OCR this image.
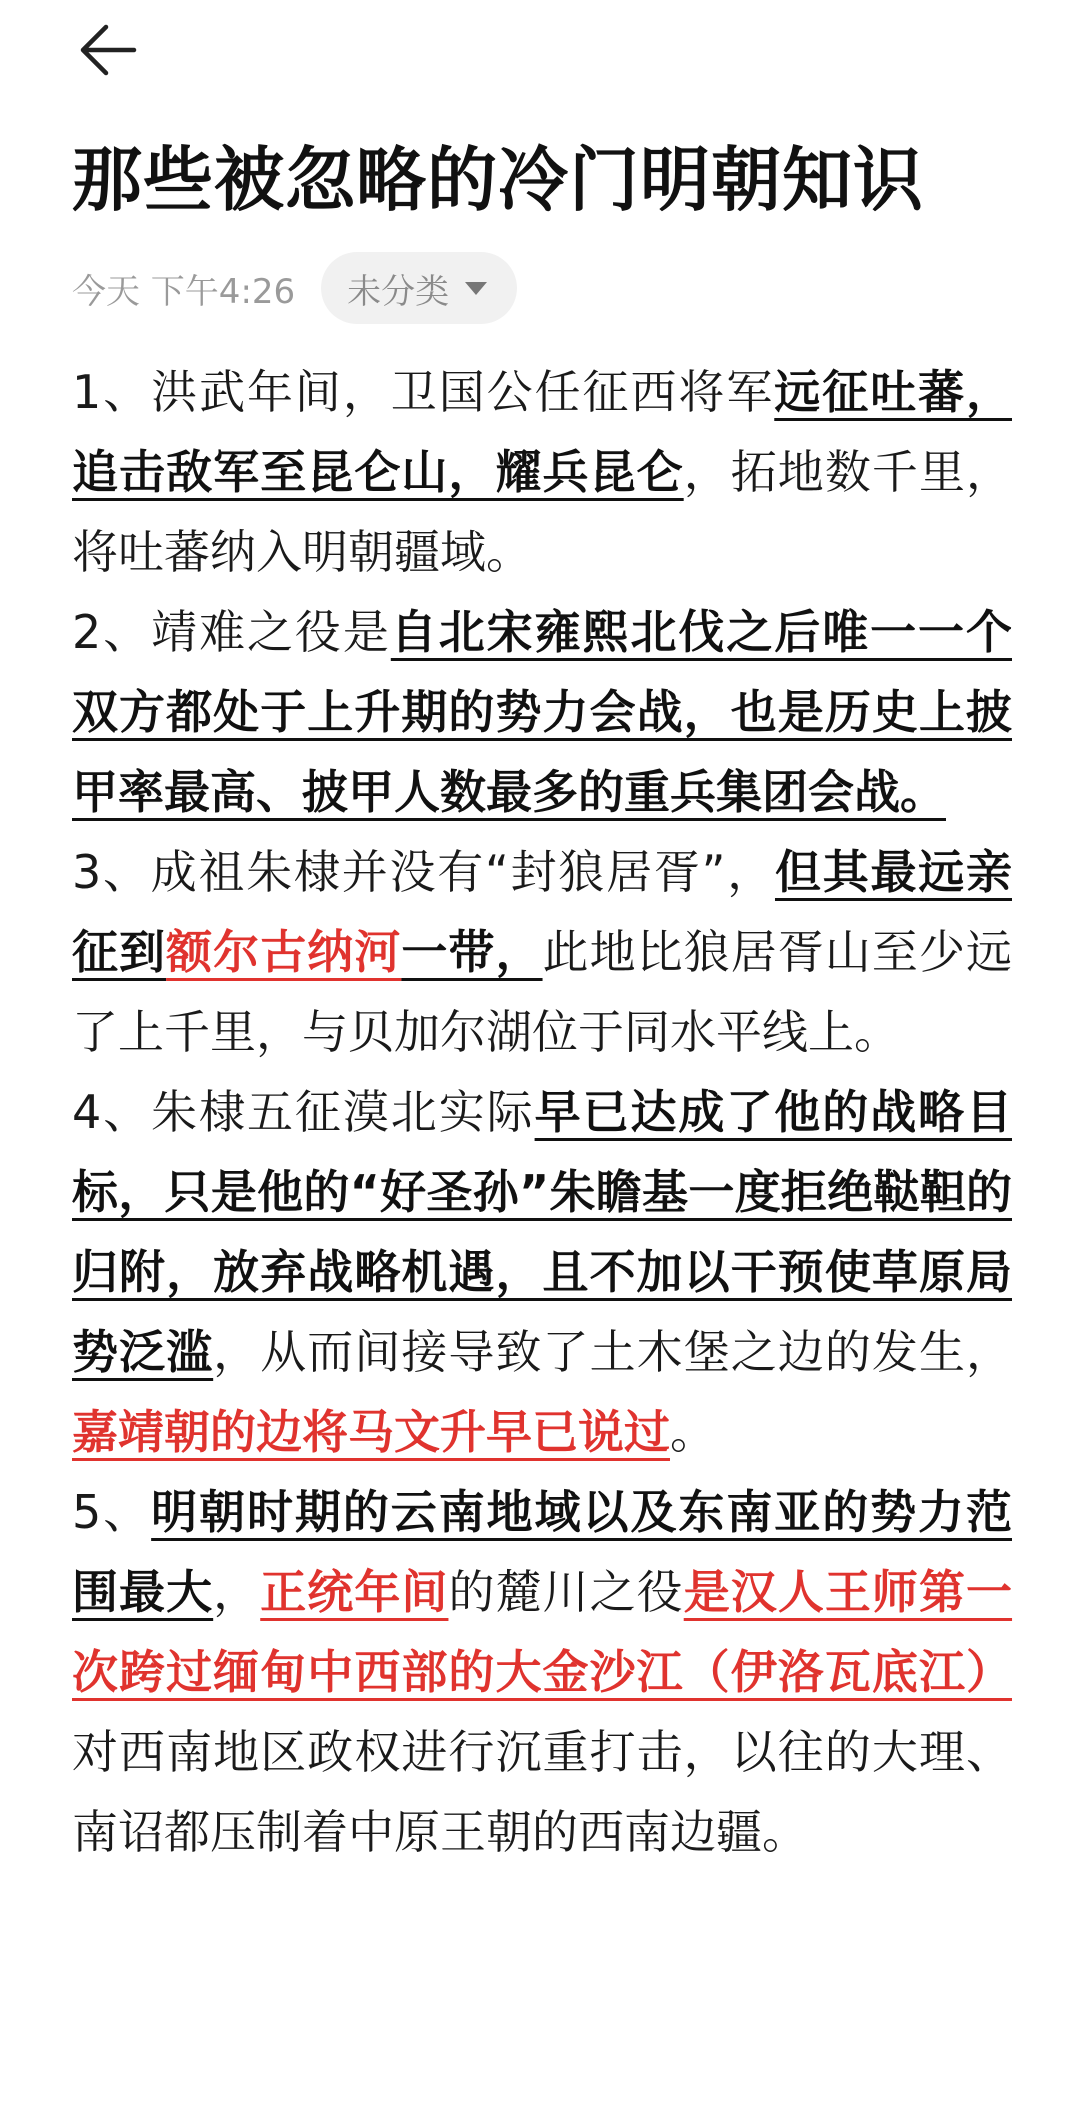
那些被忽略的冷门明朝知识
今天 下午4:26 未分类

1、洪武年间，卫国公任征西将军远征吐蕃，追击敌军至昆仑山，耀兵昆仑，拓地数千里，将吐蕃纳入明朝疆域。

2、靖难之役是自北宋雍熙北伐之后唯一一个双方都处于上升期的势力会战，也是历史上披甲率最高、披甲人数最多的重兵集团会战。

3、成祖朱棣并没有“封狼居胥”，但其最远亲征到额尔古纳河一带，此地比狼居胥山至少远了上千里，与贝加尔湖位于同水平线上。

4、朱棣五征漠北实际早已达成了他的战略目标，只是他的“好圣孙”朱瞻基一度拒绝鞑靼的归附，放弃战略机遇，且不加以干预使草原局势泛滥，从而间接导致了土木堡之边的发生，嘉靖朝的边将马文升早已说过。

5、明朝时期的云南地域以及东南亚的势力范围最大，正统年间的麓川之役是汉人王师第一次跨过缅甸中西部的大金沙江（伊洛瓦底江）对西南地区政权进行沉重打击，以往的大理、南诏都压制着中原王朝的西南边疆。
